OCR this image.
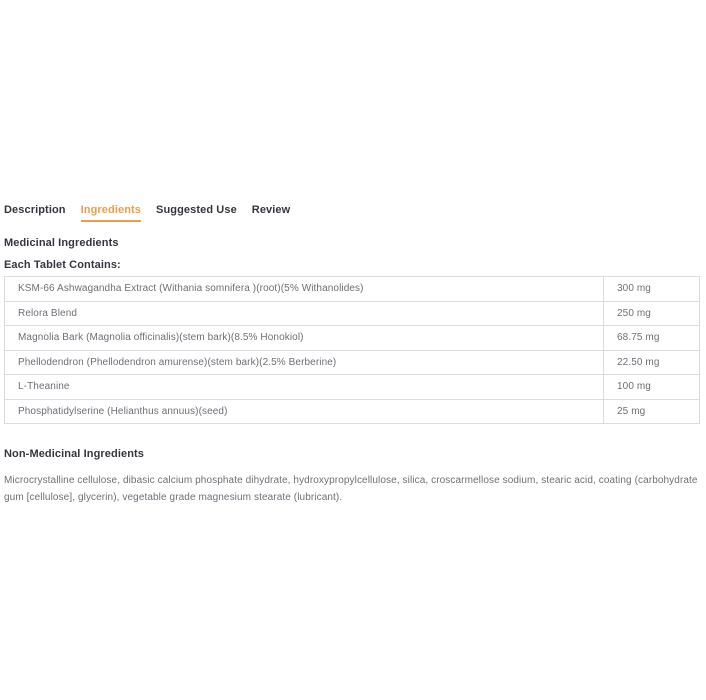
Description Ingredients Suggested Use Review
Medicinal Ingredients
Each Tablet Contains:
KSM-66 Ashwagandha Extract (Withania somnifera )(root)(5% Withanolides)	300 mg
Relora Blend	250 mg
Magnolia Bark (Magnolia officinalis)(stem bark)(8.5% Honokiol)	68.75 mg
Phellodendron (Phellodendron amurense)(stem bark)(2.5% Berberine)	22.50 mg
L-Theanine	100 mg
Phosphatidylserine (Helianthus annuus)(seed)	25 mg
Non-Medicinal Ingredients

Microcrystalline cellulose, dibasic calcium phosphate dihydrate, hydroxypropylcellulose, silica, croscarmellose sodium, stearic acid, coating (carbohydrate gum [cellulose], glycerin), vegetable grade magnesium stearate (lubricant).
